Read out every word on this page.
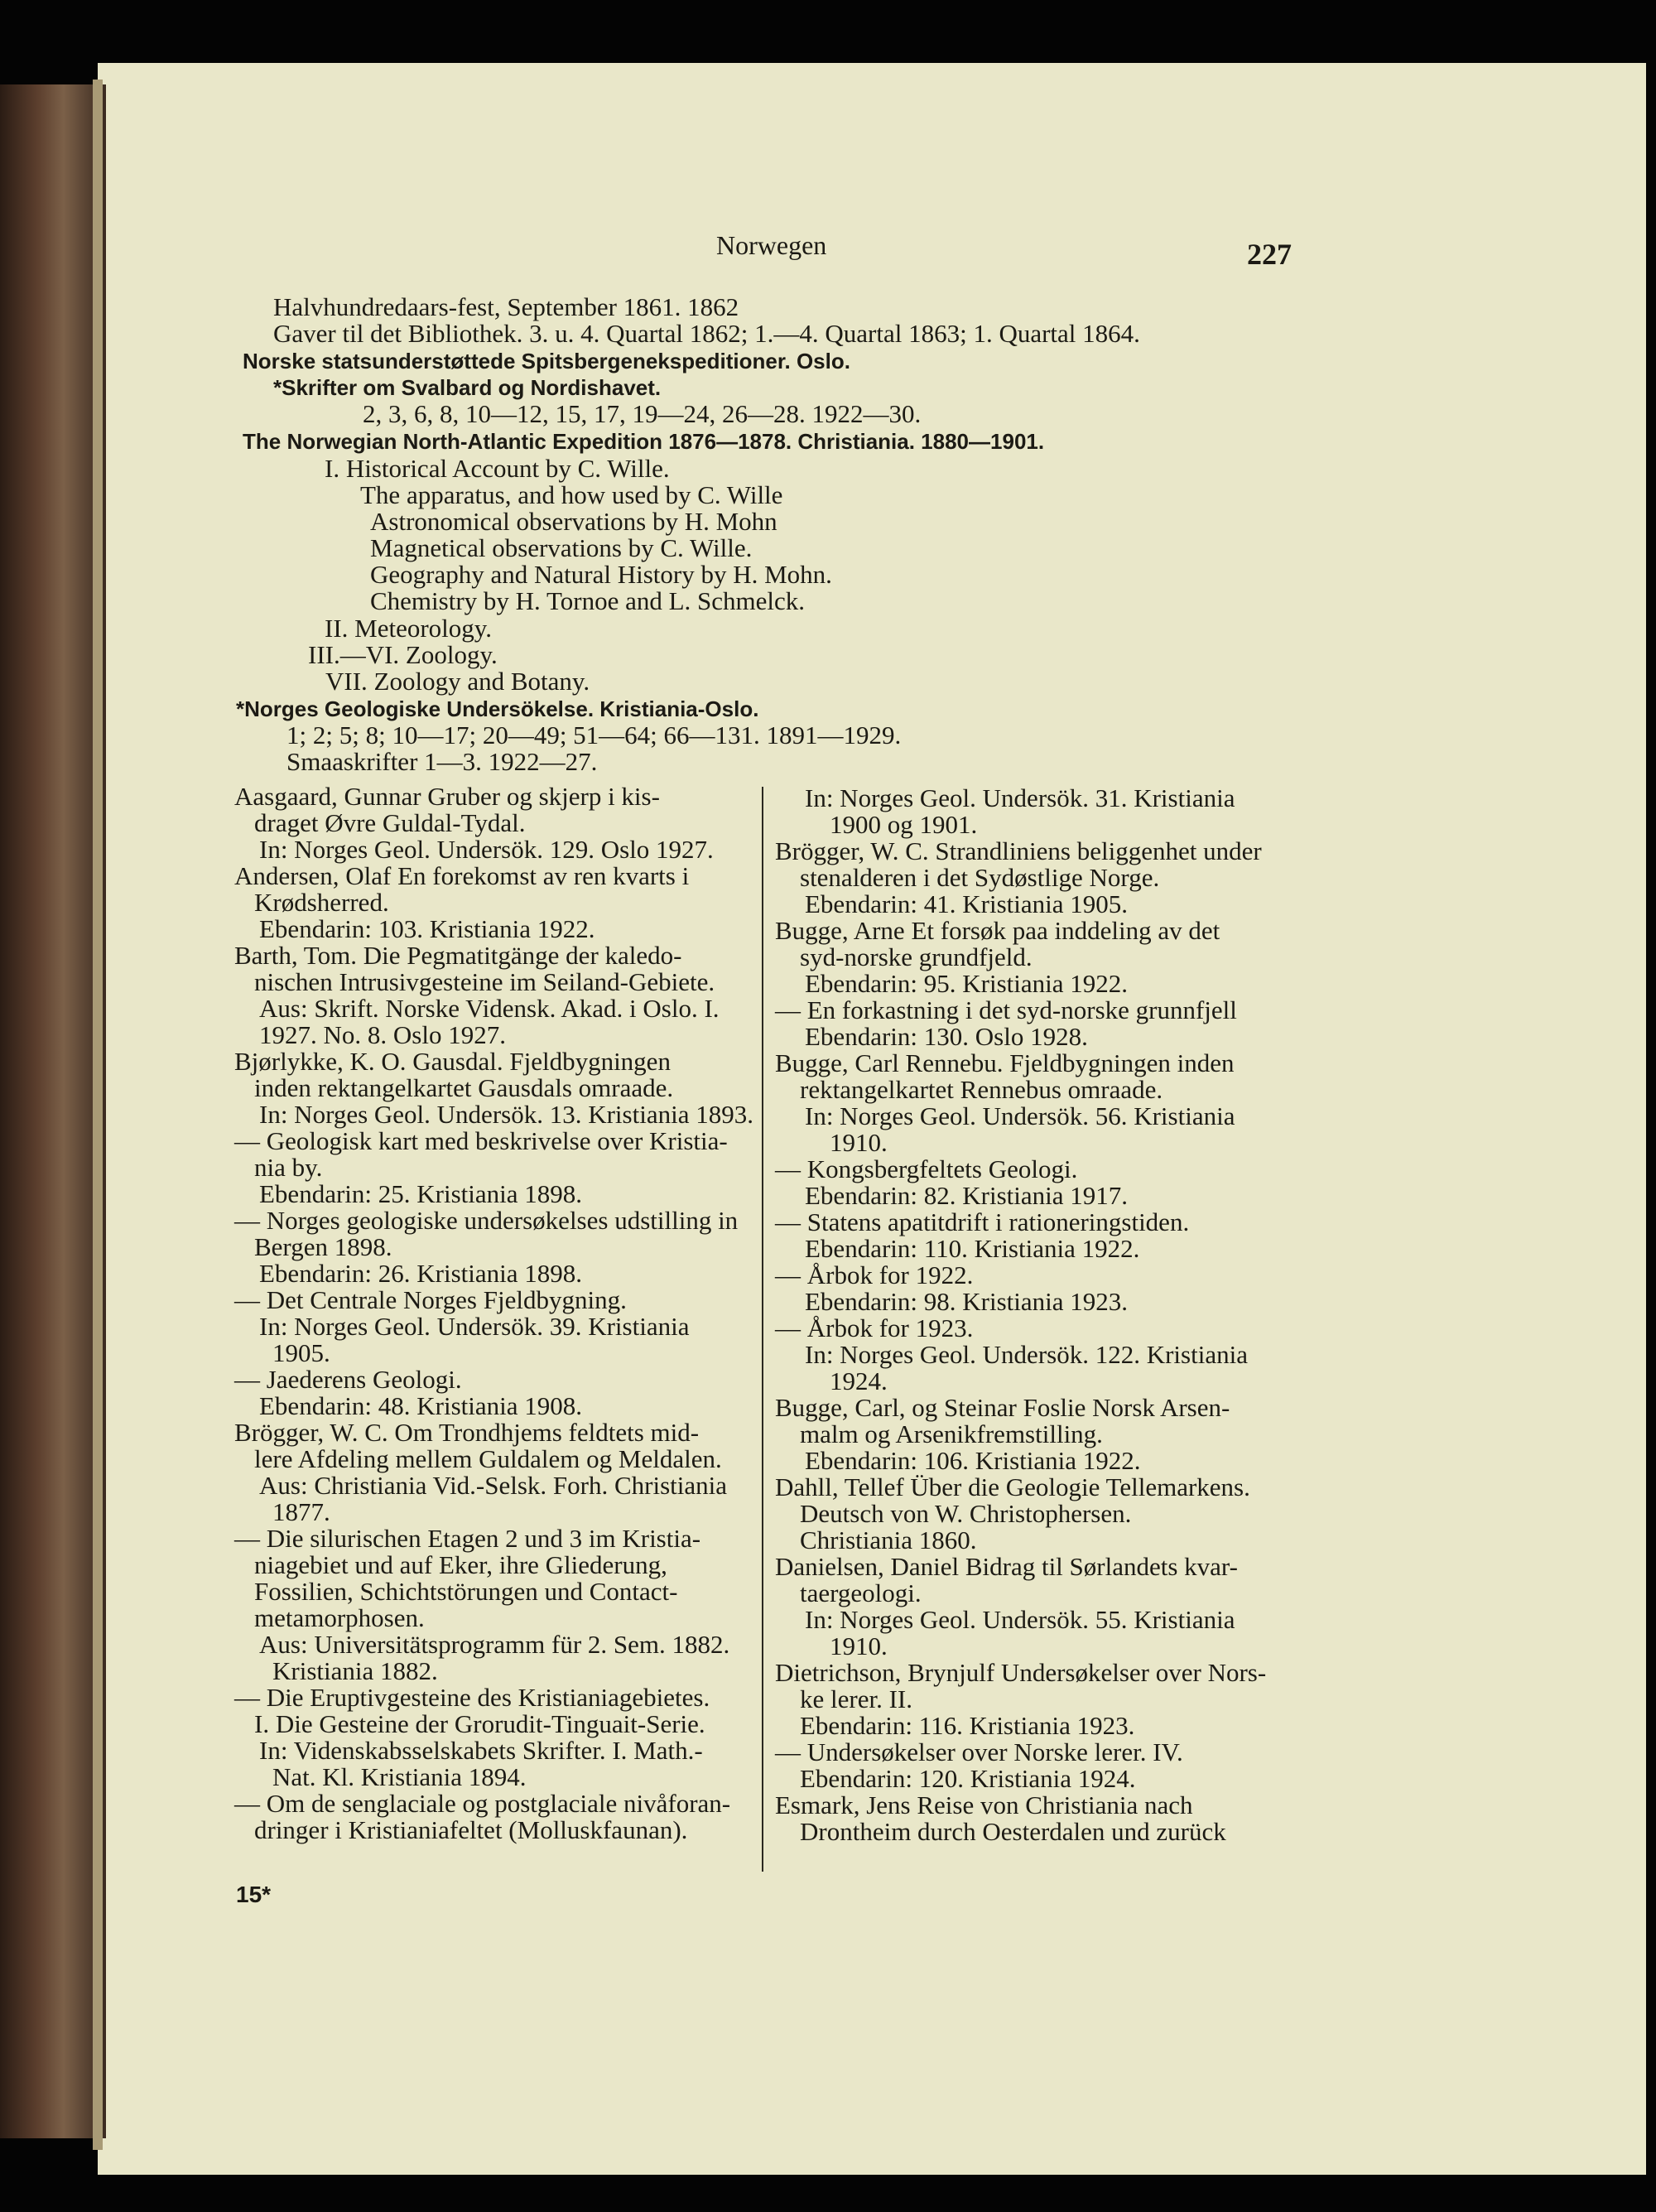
Norwegen	227
Halvhundredaars-fest, September 1861. 1862
Gaver til det Bibliothek. 3. u. 4. Quartal 1862; 1.—4. Quartal 1863; 1. Quartal 1864.
Norske statsunderstøttede Spitsbergenekspeditioner. Oslo.
*Skrifter om Svalbard og Nordishavet.
2, 3, 6, 8, 10—12, 15, 17, 19—24, 26—28. 1922—30.
The Norwegian North-Atlantic Expedition 1876—1878. Christiania. 1880—1901.
I. Historical Account by C. Wille.
The apparatus, and how used by C. Wille
Astronomical observations by H. Mohn
Magnetical observations by C. Wille.
Geography and Natural History by H. Mohn.
Chemistry by H. Tornoe and L. Schmelck.
II. Meteorology.
III.—VI. Zoology.
VII. Zoology and Botany.
*Norges Geologiske Undersökelse. Kristiania-Oslo.
1; 2; 5; 8; 10—17; 20—49; 51—64; 66—131. 1891—1929.
Smaaskrifter 1—3. 1922—27.
Aasgaard, Gunnar Gruber og skjerp i kis-
draget Øvre Guldal-Tydal.
In: Norges Geol. Undersök. 129. Oslo 1927.
Andersen, Olaf En forekomst av ren kvarts i
Krødsherred.
Ebendarin: 103. Kristiania 1922.
Barth, Tom. Die Pegmatitgänge der kaledo-
nischen Intrusivgesteine im Seiland-Gebiete.
Aus: Skrift. Norske Vidensk. Akad. i Oslo. I.
1927. No. 8. Oslo 1927.
Bjørlykke, K. O. Gausdal. Fjeldbygningen
inden rektangelkartet Gausdals omraade.
In: Norges Geol. Undersök. 13. Kristiania 1893.
— Geologisk kart med beskrivelse over Kristia-
nia by.
Ebendarin: 25. Kristiania 1898.
— Norges geologiske undersøkelses udstilling in
Bergen 1898.
Ebendarin: 26. Kristiania 1898.
— Det Centrale Norges Fjeldbygning.
In: Norges Geol. Undersök. 39. Kristiania
1905.
— Jaederens Geologi.
Ebendarin: 48. Kristiania 1908.
Brögger, W. C. Om Trondhjems feldtets mid-
lere Afdeling mellem Guldalem og Meldalen.
Aus: Christiania Vid.-Selsk. Forh. Christiania
1877.
— Die silurischen Etagen 2 und 3 im Kristia-
niagebiet und auf Eker, ihre Gliederung,
Fossilien, Schichtstörungen und Contact-
metamorphosen.
Aus: Universitätsprogramm für 2. Sem. 1882.
Kristiania 1882.
— Die Eruptivgesteine des Kristianiagebietes.
I. Die Gesteine der Grorudit-Tinguait-Serie.
In: Videnskabsselskabets Skrifter. I. Math.-
Nat. Kl. Kristiania 1894.
— Om de senglaciale og postglaciale nivåforan-
dringer i Kristianiafeltet (Molluskfaunan).
In: Norges Geol. Undersök. 31. Kristiania
1900 og 1901.
Brögger, W. C. Strandliniens beliggenhet under
stenalderen i det Sydøstlige Norge.
Ebendarin: 41. Kristiania 1905.
Bugge, Arne Et forsøk paa inddeling av det
syd-norske grundfjeld.
Ebendarin: 95. Kristiania 1922.
— En forkastning i det syd-norske grunnfjell
Ebendarin: 130. Oslo 1928.
Bugge, Carl Rennebu. Fjeldbygningen inden
rektangelkartet Rennebus omraade.
In: Norges Geol. Undersök. 56. Kristiania
1910.
— Kongsbergfeltets Geologi.
Ebendarin: 82. Kristiania 1917.
— Statens apatitdrift i rationeringstiden.
Ebendarin: 110. Kristiania 1922.
— Årbok for 1922.
Ebendarin: 98. Kristiania 1923.
— Årbok for 1923.
In: Norges Geol. Undersök. 122. Kristiania
1924.
Bugge, Carl, og Steinar Foslie Norsk Arsen-
malm og Arsenikfremstilling.
Ebendarin: 106. Kristiania 1922.
Dahll, Tellef Über die Geologie Tellemarkens.
Deutsch von W. Christophersen.
Christiania 1860.
Danielsen, Daniel Bidrag til Sørlandets kvar-
taergeologi.
In: Norges Geol. Undersök. 55. Kristiania
1910.
Dietrichson, Brynjulf Undersøkelser over Nors-
ke lerer. II.
Ebendarin: 116. Kristiania 1923.
— Undersøkelser over Norske lerer. IV.
Ebendarin: 120. Kristiania 1924.
Esmark, Jens Reise von Christiania nach
Drontheim durch Oesterdalen und zurück
15*
